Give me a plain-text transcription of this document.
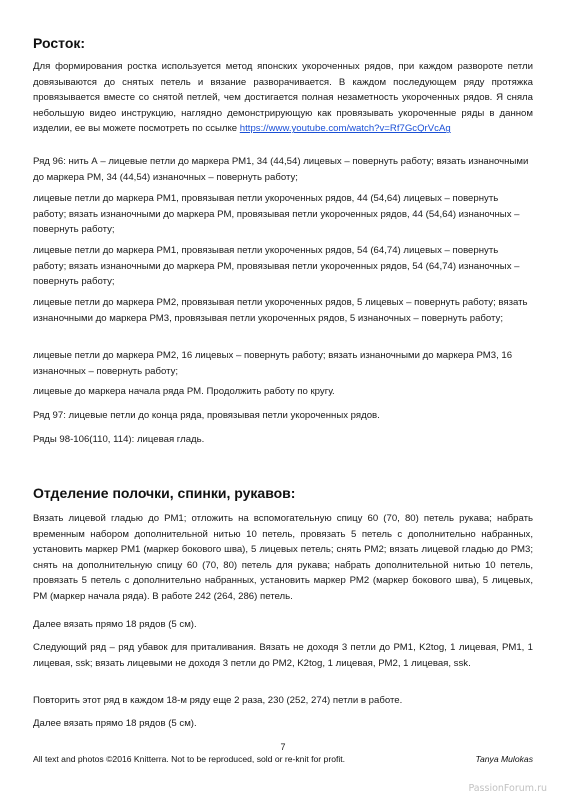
Росток:

Для формирования ростка используется метод японских укороченных рядов, при каждом развороте петли довязываются до снятых петель и вязание разворачивается. В каждом последующем ряду протяжка провязывается вместе со снятой петлей, чем достигается полная незаметность укороченных рядов. Я сняла небольшую видео инструкцию, наглядно демонстрирующую как провязывать укороченные ряды в данном изделии, ее вы можете посмотреть по ссылке https://www.youtube.com/watch?v=Rf7GcQrVcAg

Ряд 96: нить А – лицевые петли до маркера РМ1, 34 (44,54) лицевых – повернуть работу; вязать изнаночными до маркера РМ, 34 (44,54) изнаночных – повернуть работу;

лицевые петли до маркера РМ1, провязывая петли укороченных рядов, 44 (54,64) лицевых – повернуть работу; вязать изнаночными до маркера РМ, провязывая петли укороченных рядов, 44 (54,64) изнаночных – повернуть работу;

лицевые петли до маркера РМ1, провязывая петли укороченных рядов, 54 (64,74) лицевых – повернуть работу; вязать изнаночными до маркера РМ, провязывая петли укороченных рядов, 54 (64,74) изнаночных – повернуть работу;

лицевые петли до маркера РМ2, провязывая петли укороченных рядов, 5 лицевых – повернуть работу; вязать изнаночными до маркера РМ3, провязывая петли укороченных рядов, 5 изнаночных – повернуть работу;

лицевые петли до маркера РМ2, 16 лицевых – повернуть работу; вязать изнаночными до маркера РМ3, 16 изнаночных – повернуть работу;

лицевые до маркера начала ряда РМ. Продолжить работу по кругу.

Ряд 97: лицевые петли до конца ряда, провязывая петли укороченных рядов.

Ряды 98-106(110, 114): лицевая гладь.

Отделение полочки, спинки, рукавов:

Вязать лицевой гладью до РМ1; отложить на вспомогательную спицу 60 (70, 80) петель рукава; набрать временным набором дополнительной нитью 10 петель, провязать 5 петель с дополнительно набранных, установить маркер РМ1 (маркер бокового шва), 5 лицевых петель; снять РМ2; вязать лицевой гладью до РМ3; снять на дополнительную спицу 60 (70, 80) петель для рукава; набрать дополнительной нитью 10 петель, провязать 5 петель с дополнительно набранных, установить маркер РМ2 (маркер бокового шва), 5 лицевых, РМ (маркер начала ряда). В работе 242 (264, 286) петель.

Далее вязать прямо 18 рядов (5 см).

Следующий ряд – ряд убавок для приталивания. Вязать не доходя 3 петли до РМ1, K2tog, 1 лицевая, РМ1, 1 лицевая, ssk; вязать лицевыми не доходя 3 петли до РМ2, K2tog, 1 лицевая, РМ2, 1 лицевая, ssk.

Повторить этот ряд в каждом 18-м ряду еще 2 раза, 230 (252, 274) петли в работе.

Далее вязать прямо 18 рядов (5 см).

7
All text and photos ©2016 Knitterra. Not to be reproduced, sold or re-knit for profit.	Tanya Mulokas
PassionForum.ru
